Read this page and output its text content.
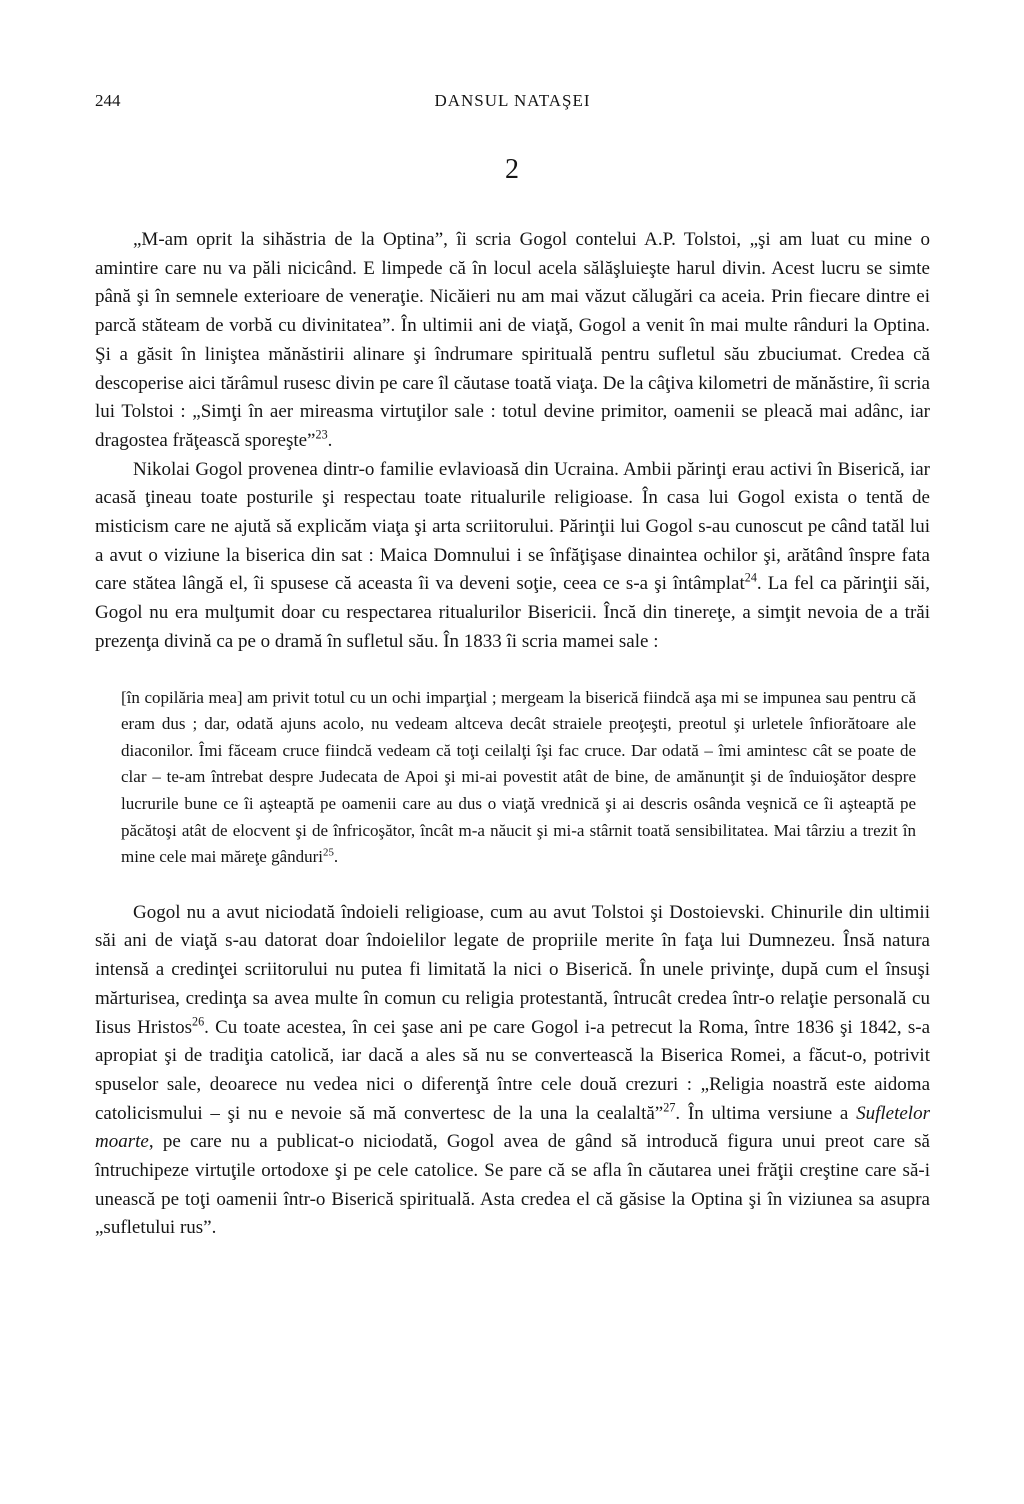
244	DANSUL NATAŞEI
2

„M-am oprit la sihăstria de la Optina”, îi scria Gogol contelui A.P. Tolstoi, „şi am luat cu mine o amintire care nu va păli nicicând. E limpede că în locul acela sălăşluieşte harul divin. Acest lucru se simte până şi în semnele exterioare de veneraţie. Nicăieri nu am mai văzut călugări ca aceia. Prin fiecare dintre ei parcă stăteam de vorbă cu divinitatea”. În ultimii ani de viaţă, Gogol a venit în mai multe rânduri la Optina. Şi a găsit în liniştea mănăstirii alinare şi îndrumare spirituală pentru sufletul său zbuciumat. Credea că descoperise aici tărâmul rusesc divin pe care îl căutase toată viaţa. De la câţiva kilometri de mănăstire, îi scria lui Tolstoi : „Simţi în aer mireasma virtuţilor sale : totul devine primitor, oamenii se pleacă mai adânc, iar dragostea frăţească sporeşte”$^{23}$.

Nikolai Gogol provenea dintr-o familie evlavioasă din Ucraina. Ambii părinţi erau activi în Biserică, iar acasă ţineau toate posturile şi respectau toate ritualurile religioase. În casa lui Gogol exista o tentă de misticism care ne ajută să explicăm viaţa şi arta scriitorului. Părinţii lui Gogol s-au cunoscut pe când tatăl lui a avut o viziune la biserica din sat : Maica Domnului i se înfăţişase dinaintea ochilor şi, arătând înspre fata care stătea lângă el, îi spusese că aceasta îi va deveni soţie, ceea ce s-a şi întâmplat$^{24}$. La fel ca părinţii săi, Gogol nu era mulţumit doar cu respectarea ritualurilor Bisericii. Încă din tinereţe, a simţit nevoia de a trăi prezenţa divină ca pe o dramă în sufletul său. În 1833 îi scria mamei sale :

[în copilăria mea] am privit totul cu un ochi imparţial ; mergeam la biserică fiindcă aşa mi se impunea sau pentru că eram dus ; dar, odată ajuns acolo, nu vedeam altceva decât straiele preoţeşti, preotul şi urletele înfiorătoare ale diaconilor. Îmi făceam cruce fiindcă vedeam că toţi ceilalţi îşi fac cruce. Dar odată – îmi amintesc cât se poate de clar – te-am întrebat despre Judecata de Apoi şi mi-ai povestit atât de bine, de amănunţit şi de înduioşător despre lucrurile bune ce îi aşteaptă pe oamenii care au dus o viaţă vrednică şi ai descris osânda veşnică ce îi aşteaptă pe păcătoşi atât de elocvent şi de înfricoşător, încât m-a năucit şi mi-a stârnit toată sensibilitatea. Mai târziu a trezit în mine cele mai măreţe gânduri$^{25}$.

Gogol nu a avut niciodată îndoieli religioase, cum au avut Tolstoi şi Dostoievski. Chinurile din ultimii săi ani de viaţă s-au datorat doar îndoielilor legate de propriile merite în faţa lui Dumnezeu. Însă natura intensă a credinţei scriitorului nu putea fi limitată la nici o Biserică. În unele privinţe, după cum el însuşi mărturisea, credinţa sa avea multe în comun cu religia protestantă, întrucât credea într-o relaţie personală cu Iisus Hristos$^{26}$. Cu toate acestea, în cei şase ani pe care Gogol i-a petrecut la Roma, între 1836 şi 1842, s-a apropiat şi de tradiţia catolică, iar dacă a ales să nu se convertească la Biserica Romei, a făcut-o, potrivit spuselor sale, deoarece nu vedea nici o diferenţă între cele două crezuri : „Religia noastră este aidoma catolicismului – şi nu e nevoie să mă convertesc de la una la cealaltă”$^{27}$. În ultima versiune a Sufletelor moarte, pe care nu a publicat-o niciodată, Gogol avea de gând să introducă figura unui preot care să întruchipeze virtuţile ortodoxe şi pe cele catolice. Se pare că se afla în căutarea unei frăţii creştine care să-i unească pe toţi oamenii într-o Biserică spirituală. Asta credea el că găsise la Optina şi în viziunea sa asupra „sufletului rus”.
